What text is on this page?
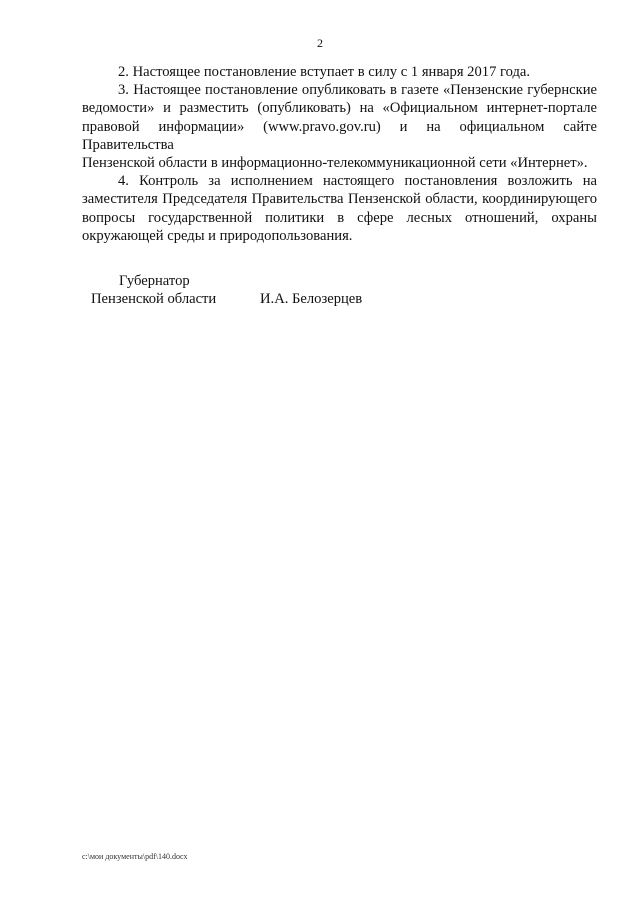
2
2. Настоящее постановление вступает в силу с 1 января 2017 года.
3. Настоящее постановление опубликовать в газете «Пензенские губернские
ведомости» и разместить (опубликовать) на «Официальном интернет-портале
правовой информации» (www.pravo.gov.ru) и на официальном сайте Правительства
Пензенской области в информационно-телекоммуникационной сети «Интернет».
4. Контроль за исполнением настоящего постановления возложить на
заместителя Председателя Правительства Пензенской области, координирующего
вопросы государственной политики в сфере лесных отношений, охраны
окружающей среды и природопользования.
Губернатор
Пензенской области	И.А. Белозерцев
c:\мои документы\pdf\140.docx
